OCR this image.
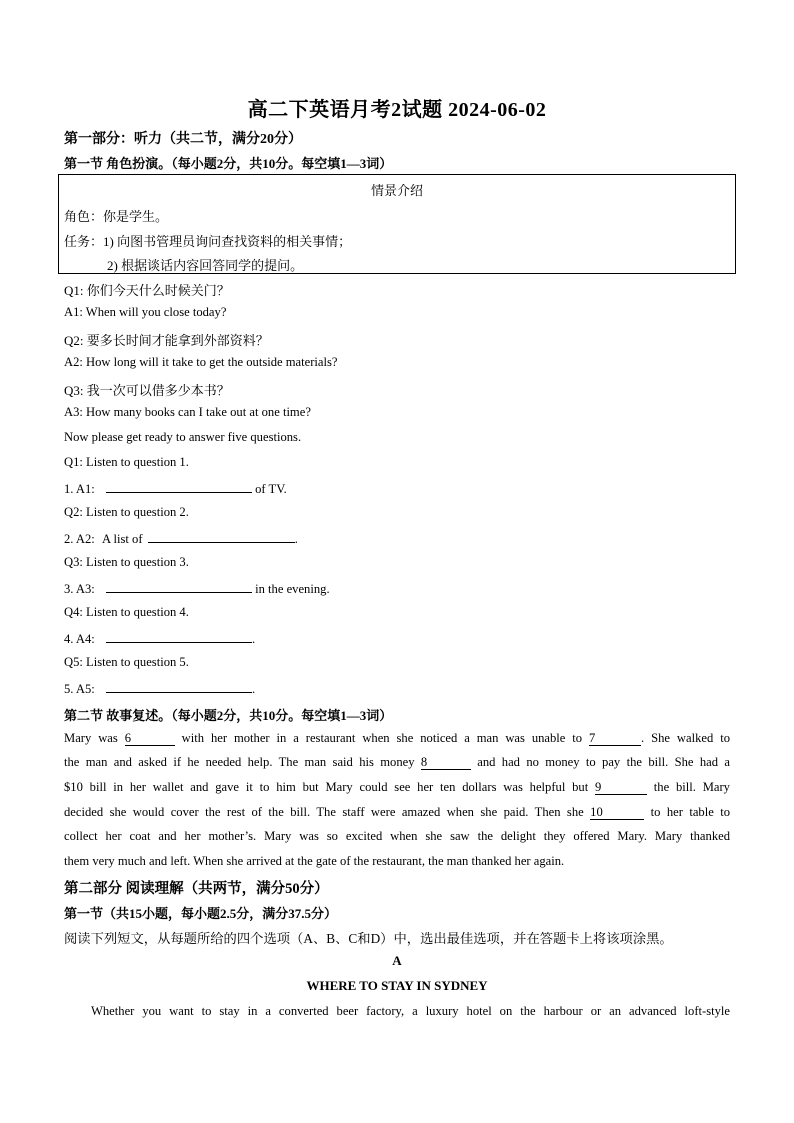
高二下英语月考2试题 2024-06-02
第一部分：听力（共二节，满分20分）
第一节 角色扮演。（每小题2分，共10分。每空填1—3词）
情景介绍
角色：你是学生。
任务：1) 向图书管理员询问查找资料的相关事情；
2) 根据谈话内容回答同学的提问。
Q1: 你们今天什么时候关门？
A1: When will you close today?
Q2: 要多长时间才能拿到外部资料？
A2: How long will it take to get the outside materials?
Q3: 我一次可以借多少本书？
A3: How many books can I take out at one time?
Now please get ready to answer five questions.
Q1: Listen to question 1.
1. A1:	of TV.
Q2: Listen to question 2.
2. A2: A list of	.
Q3: Listen to question 3.
3. A3:	in the evening.
Q4: Listen to question 4.
4. A4:	.
Q5: Listen to question 5.
5. A5:	.
第二节 故事复述。（每小题2分，共10分。每空填1—3词）
Mary was 6	with her mother in a restaurant when she noticed a man was unable to 7	. She walked to
the man and asked if he needed help. The man said his money 8	and had no money to pay the bill. She had a
$10 bill in her wallet and gave it to him but Mary could see her ten dollars was helpful but 9	the bill. Mary
decided she would cover the rest of the bill. The staff were amazed when she paid. Then she 10	to her table to
collect her coat and her mother’s. Mary was so excited when she saw the delight they offered Mary. Mary thanked
them very much and left. When she arrived at the gate of the restaurant, the man thanked her again.
第二部分 阅读理解（共两节，满分50分）
第一节（共15小题，每小题2.5分，满分37.5分）
阅读下列短文，从每题所给的四个选项（A、B、C和D）中，选出最佳选项，并在答题卡上将该项涂黑。
A
WHERE TO STAY IN SYDNEY
Whether you want to stay in a converted beer factory, a luxury hotel on the harbour or an advanced loft-style
